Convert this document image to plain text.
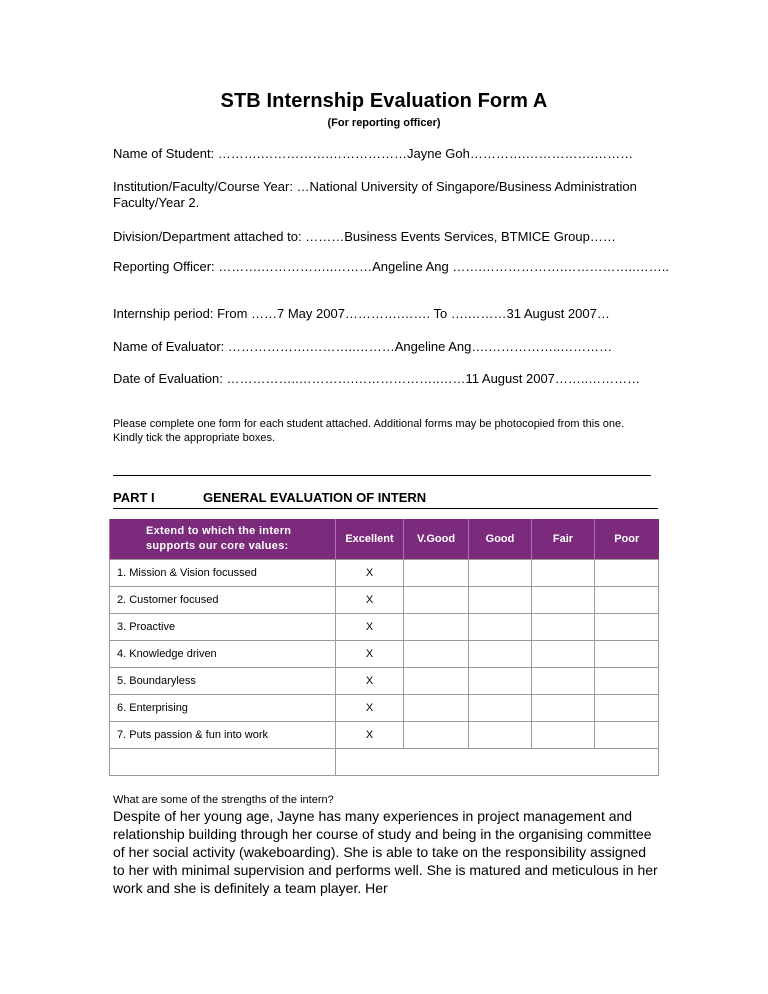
STB Internship Evaluation Form A
(For reporting officer)
Name of Student: ……….…………….………………Jayne Goh………….…………….………
Institution/Faculty/Course Year: …National University of Singapore/Business Administration Faculty/Year 2.
Division/Department attached to: ………Business Events Services, BTMICE Group……
Reporting Officer: ……….……………..………Angeline Ang …….……………….……………..……..
Internship period: From ……7 May 2007………….……. To ….………31 August 2007…
Name of Evaluator: ……………….………..………Angeline Ang….……………..…………
Date of Evaluation: ……………..………….………………..……11 August 2007……..…………
Please complete one form for each student attached. Additional forms may be photocopied from this one. Kindly tick the appropriate boxes.
PART I	GENERAL EVALUATION OF INTERN
Extend to which the intern supports our core values:	Excellent	V.Good	Good	Fair	Poor
1. Mission & Vision focussed	X				
2. Customer focused	X				
3. Proactive	X				
4. Knowledge driven	X				
5. Boundaryless	X				
6. Enterprising	X				
7. Puts passion & fun into work	X				

What are some of the strengths of the intern?
Despite of her young age, Jayne has many experiences in project management and relationship building through her course of study and being in the organising committee of her social activity (wakeboarding). She is able to take on the responsibility assigned to her with minimal supervision and performs well. She is matured and meticulous in her work and she is definitely a team player. Her
